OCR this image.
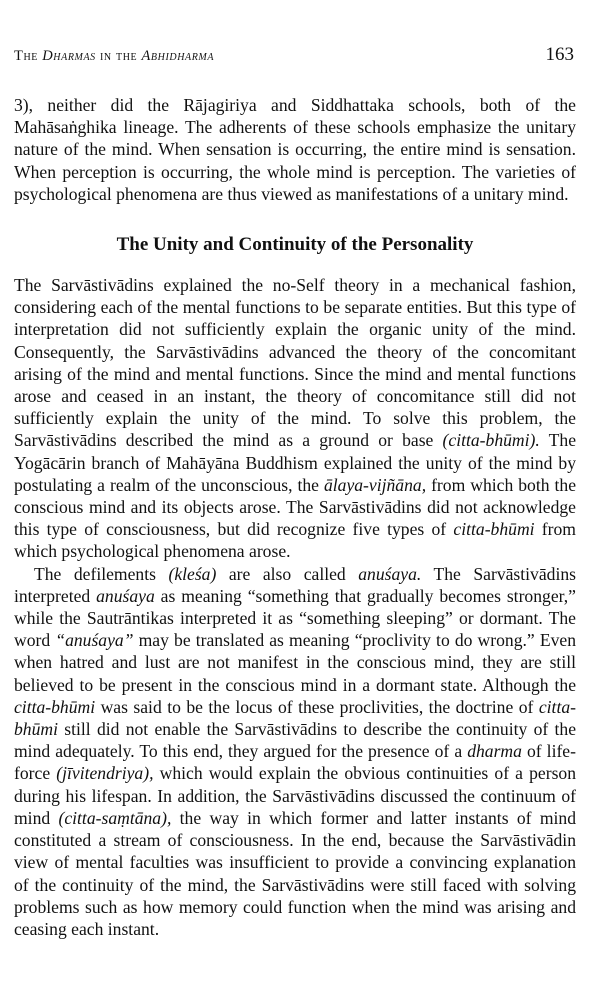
The Dharmas in the Abhidharma	163

3), neither did the Rājagiriya and Siddhattaka schools, both of the Mahāsaṅghika lineage. The adherents of these schools emphasize the unitary nature of the mind. When sensation is occurring, the entire mind is sensation. When perception is occurring, the whole mind is perception. The varieties of psychological phenomena are thus viewed as manifestations of a unitary mind.

The Unity and Continuity of the Personality

The Sarvāstivādins explained the no-Self theory in a mechanical fashion, considering each of the mental functions to be separate entities. But this type of interpretation did not sufficiently explain the organic unity of the mind. Consequently, the Sarvāstivādins advanced the theory of the concomitant arising of the mind and mental functions. Since the mind and mental functions arose and ceased in an instant, the theory of concomitance still did not sufficiently explain the unity of the mind. To solve this problem, the Sarvāstivādins described the mind as a ground or base (citta-bhūmi). The Yogācārin branch of Mahāyāna Buddhism explained the unity of the mind by postulating a realm of the unconscious, the ālaya-vijñāna, from which both the conscious mind and its objects arose. The Sarvāstivādins did not acknowledge this type of consciousness, but did recognize five types of citta-bhūmi from which psychological phenomena arose.

The defilements (kleśa) are also called anuśaya. The Sarvāstivādins interpreted anuśaya as meaning “something that gradually becomes stronger,” while the Sautrāntikas interpreted it as “something sleeping” or dormant. The word “anuśaya” may be translated as meaning “proclivity to do wrong.” Even when hatred and lust are not manifest in the conscious mind, they are still believed to be present in the conscious mind in a dormant state. Although the citta-bhūmi was said to be the locus of these proclivities, the doctrine of citta-bhūmi still did not enable the Sarvāstivādins to describe the continuity of the mind adequately. To this end, they argued for the presence of a dharma of lifeforce (jīvitendriya), which would explain the obvious continuities of a person during his lifespan. In addition, the Sarvāstivādins discussed the continuum of mind (citta-saṃtāna), the way in which former and latter instants of mind constituted a stream of consciousness. In the end, because the Sarvāstivādin view of mental faculties was insufficient to provide a convincing explanation of the continuity of the mind, the Sarvāstivādins were still faced with solving problems such as how memory could function when the mind was arising and ceasing each instant.
